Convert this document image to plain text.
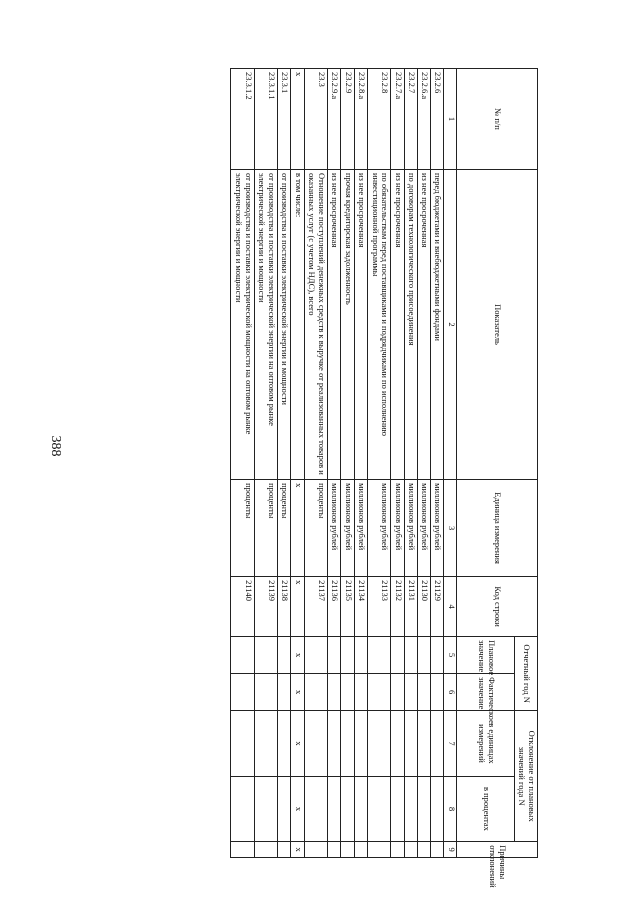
388
№ п/п	Показатель	Единица измерения	Код строки	Отчетный год N		Отклонение от плановых значений года N		Причины отклонений
				Плановое значение	Фактическое значение	в единицах измерений	в процентах	
1	2	3	4	5	6	7	8	9
23.2.6	перед бюджетами и внебюджетными фондами	миллионов рублей	21129					
23.2.6.а	из нее просроченная	миллионов рублей	21130					
23.2.7	по договорам технологического присоединения	миллионов рублей	21131					
23.2.7.а	из нее просроченная	миллионов рублей	21132					
23.2.8	по обязательствам перед поставщиками и подрядчиками по исполнению инвестиционной программы	миллионов рублей	21133					
23.2.8.а	из нее просроченная	миллионов рублей	21134					
23.2.9	прочая кредиторская задолженность	миллионов рублей	21135					
23.2.9.а	из нее просроченная	миллионов рублей	21136					
23.3	Отношение поступлений денежных средств к выручке от реализованных товаров и оказанных услуг (с учетом НДС), всего	проценты	21137					
x	в том числе:	x	x	x	x	x	x	x
23.3.1	от производства и поставки электрической энергии и мощности	проценты	21138					
23.3.1.1	от производства и поставки электрической энергии на оптовом рынке электрической энергии и мощности	проценты	21139					
23.3.1.2	от производства и поставки электрической мощности на оптовом рынке электрической энергии и мощности	проценты	21140					
